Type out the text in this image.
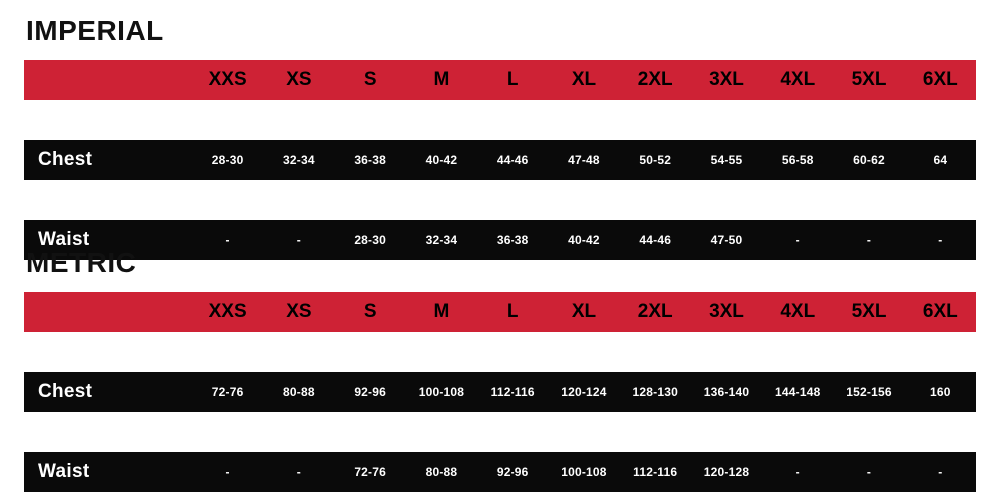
IMPERIAL
	XXS	XS	S	M	L	XL	2XL	3XL	4XL	5XL	6XL

Chest	28-30	32-34	36-38	40-42	44-46	47-48	50-52	54-55	56-58	60-62	64

Waist	-	-	28-30	32-34	36-38	40-42	44-46	47-50	-	-	-
METRIC
	XXS	XS	S	M	L	XL	2XL	3XL	4XL	5XL	6XL

Chest	72-76	80-88	92-96	100-108	112-116	120-124	128-130	136-140	144-148	152-156	160

Waist	-	-	72-76	80-88	92-96	100-108	112-116	120-128	-	-	-
